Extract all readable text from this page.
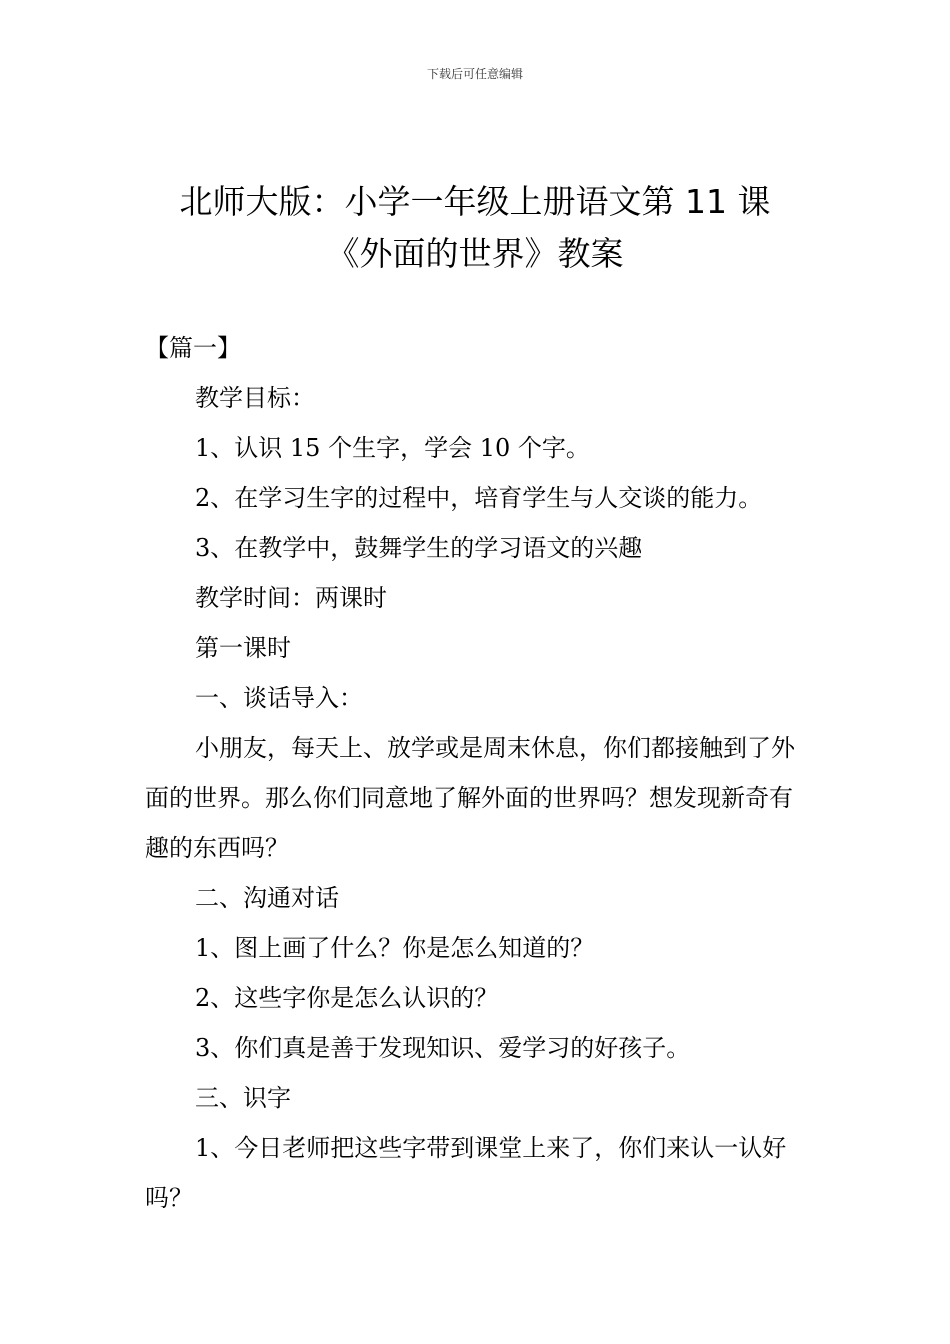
下载后可任意编辑
北师大版：小学一年级上册语文第 11 课
《外面的世界》教案

【篇一】

教学目标：

1、认识 15 个生字，学会 10 个字。

2、在学习生字的过程中，培育学生与人交谈的能力。

3、在教学中，鼓舞学生的学习语文的兴趣

教学时间：两课时

第一课时

一、谈话导入：

小朋友，每天上、放学或是周末休息，你们都接触到了外面的世界。那么你们同意地了解外面的世界吗？想发现新奇有趣的东西吗？

二、沟通对话

1、图上画了什么？你是怎么知道的？

2、这些字你是怎么认识的？

3、你们真是善于发现知识、爱学习的好孩子。

三、识字

1、今日老师把这些字带到课堂上来了，你们来认一认好吗？
